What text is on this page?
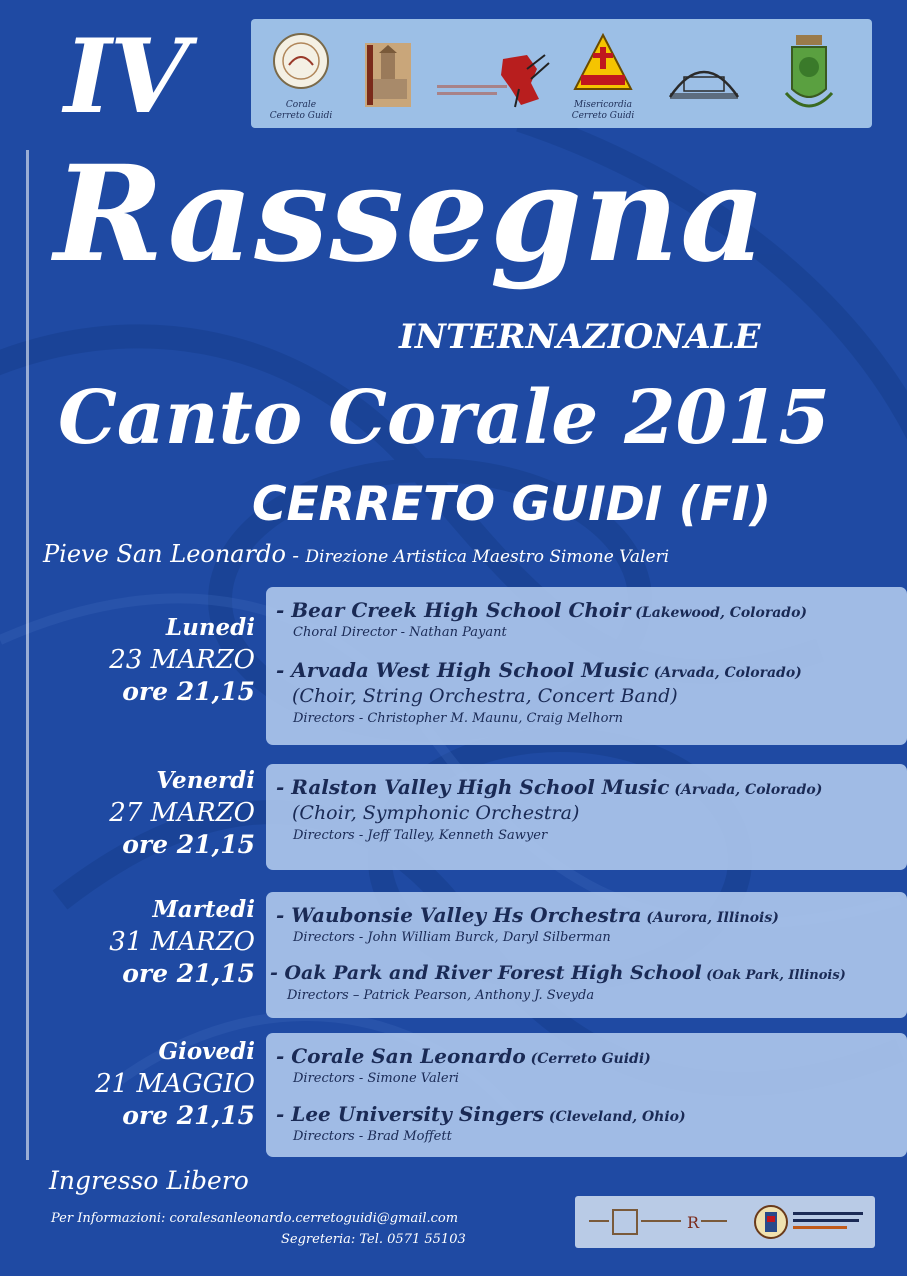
Corale
Cerreto Guidi
Misericordia
Cerreto Guidi
IV
Rassegna
INTERNAZIONALE
Canto Corale 2015
CERRETO GUIDI (FI)
Pieve San Leonardo - Direzione Artistica Maestro Simone Valeri
Lunedi
23 MARZO
ore 21,15
- Bear Creek High School Choir (Lakewood, Colorado)
Choral Director - Nathan Payant
- Arvada West High School Music (Arvada, Colorado)
(Choir, String Orchestra, Concert Band)
Directors - Christopher M. Maunu, Craig Melhorn
Venerdi
27 MARZO
ore 21,15
- Ralston Valley High School Music (Arvada, Colorado)
(Choir, Symphonic Orchestra)
Directors - Jeff Talley, Kenneth Sawyer
Martedi
31 MARZO
ore 21,15
- Waubonsie Valley Hs Orchestra (Aurora, Illinois)
Directors - John William Burck, Daryl Silberman
- Oak Park and River Forest High School (Oak Park, Illinois)
Directors – Patrick Pearson, Anthony J. Sveyda
Giovedi
21 MAGGIO
ore 21,15
- Corale San Leonardo (Cerreto Guidi)
Directors - Simone Valeri
- Lee University Singers (Cleveland, Ohio)
Directors - Brad Moffett
Ingresso Libero
Per Informazioni: coralesanleonardo.cerretoguidi@gmail.com
Segreteria: Tel. 0571 55103
R
